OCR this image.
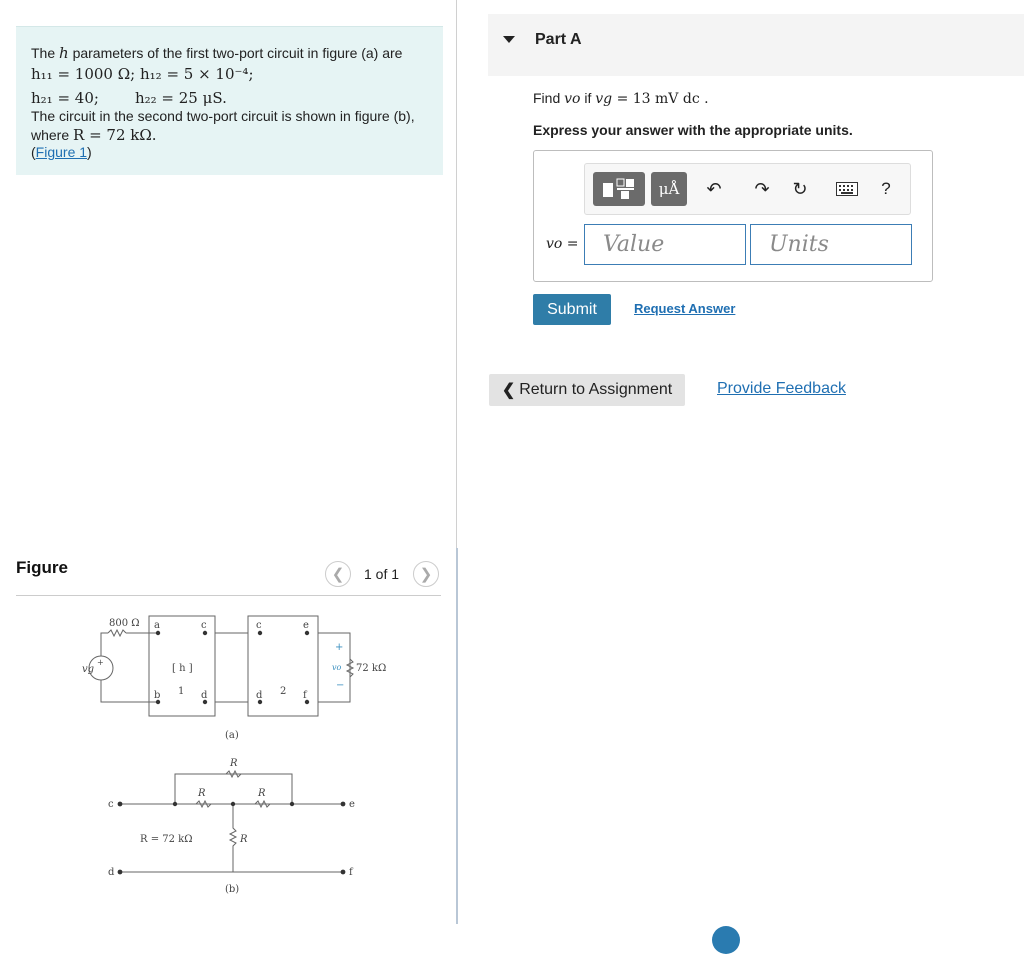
The h parameters of the first two-port circuit in figure (a) are
h₁₁ = 1000 Ω; h₁₂ = 5 × 10⁻⁴;
h₂₁ = 40; h₂₂ = 25 μS.
The circuit in the second two-port circuit is shown in figure (b),
where R = 72 kΩ.
(Figure 1)
Figure	❮ 1 of 1 ❯
800 Ω
vg
+
a
b
c
d
[ h ]
1
c
d 2
e
f
+
vo
−
72 kΩ
(a)
R
R	R
R
R = 72 kΩ
c
d
e
f
(b)
Part A
Find vo if vg = 13 mV dc .
Express your answer with the appropriate units.
μÅ	↶ ↷ ↻	?
vo =	Value	Units
Submit	Request Answer
❮ Return to Assignment	Provide Feedback
